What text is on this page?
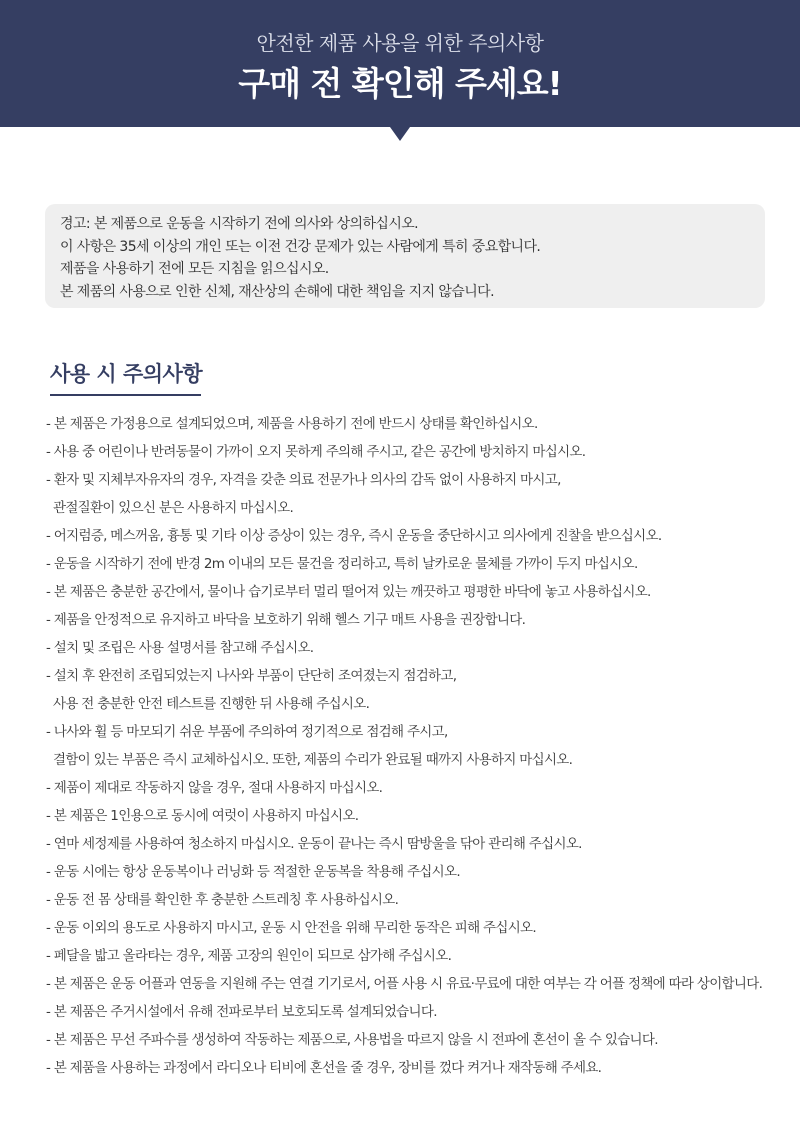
안전한 제품 사용을 위한 주의사항
구매 전 확인해 주세요!
경고: 본 제품으로 운동을 시작하기 전에 의사와 상의하십시오.
이 사항은 35세 이상의 개인 또는 이전 건강 문제가 있는 사람에게 특히 중요합니다.
제품을 사용하기 전에 모든 지침을 읽으십시오.
본 제품의 사용으로 인한 신체, 재산상의 손해에 대한 책임을 지지 않습니다.
사용 시 주의사항
- 본 제품은 가정용으로 설계되었으며, 제품을 사용하기 전에 반드시 상태를 확인하십시오.
- 사용 중 어린이나 반려동물이 가까이 오지 못하게 주의해 주시고, 같은 공간에 방치하지 마십시오.
- 환자 및 지체부자유자의 경우, 자격을 갖춘 의료 전문가나 의사의 감독 없이 사용하지 마시고,
관절질환이 있으신 분은 사용하지 마십시오.
- 어지럼증, 메스꺼움, 흉통 및 기타 이상 증상이 있는 경우, 즉시 운동을 중단하시고 의사에게 진찰을 받으십시오.
- 운동을 시작하기 전에 반경 2m 이내의 모든 물건을 정리하고, 특히 날카로운 물체를 가까이 두지 마십시오.
- 본 제품은 충분한 공간에서, 물이나 습기로부터 멀리 떨어져 있는 깨끗하고 평평한 바닥에 놓고 사용하십시오.
- 제품을 안정적으로 유지하고 바닥을 보호하기 위해 헬스 기구 매트 사용을 권장합니다.
- 설치 및 조립은 사용 설명서를 참고해 주십시오.
- 설치 후 완전히 조립되었는지 나사와 부품이 단단히 조여졌는지 점검하고,
사용 전 충분한 안전 테스트를 진행한 뒤 사용해 주십시오.
- 나사와 휠 등 마모되기 쉬운 부품에 주의하여 정기적으로 점검해 주시고,
결함이 있는 부품은 즉시 교체하십시오. 또한, 제품의 수리가 완료될 때까지 사용하지 마십시오.
- 제품이 제대로 작동하지 않을 경우, 절대 사용하지 마십시오.
- 본 제품은 1인용으로 동시에 여럿이 사용하지 마십시오.
- 연마 세정제를 사용하여 청소하지 마십시오. 운동이 끝나는 즉시 땀방울을 닦아 관리해 주십시오.
- 운동 시에는 항상 운동복이나 러닝화 등 적절한 운동복을 착용해 주십시오.
- 운동 전 몸 상태를 확인한 후 충분한 스트레칭 후 사용하십시오.
- 운동 이외의 용도로 사용하지 마시고, 운동 시 안전을 위해 무리한 동작은 피해 주십시오.
- 페달을 밟고 올라타는 경우, 제품 고장의 원인이 되므로 삼가해 주십시오.
- 본 제품은 운동 어플과 연동을 지원해 주는 연결 기기로서, 어플 사용 시 유료·무료에 대한 여부는 각 어플 정책에 따라 상이합니다.
- 본 제품은 주거시설에서 유해 전파로부터 보호되도록 설계되었습니다.
- 본 제품은 무선 주파수를 생성하여 작동하는 제품으로, 사용법을 따르지 않을 시 전파에 혼선이 올 수 있습니다.
- 본 제품을 사용하는 과정에서 라디오나 티비에 혼선을 줄 경우, 장비를 껐다 켜거나 재작동해 주세요.
